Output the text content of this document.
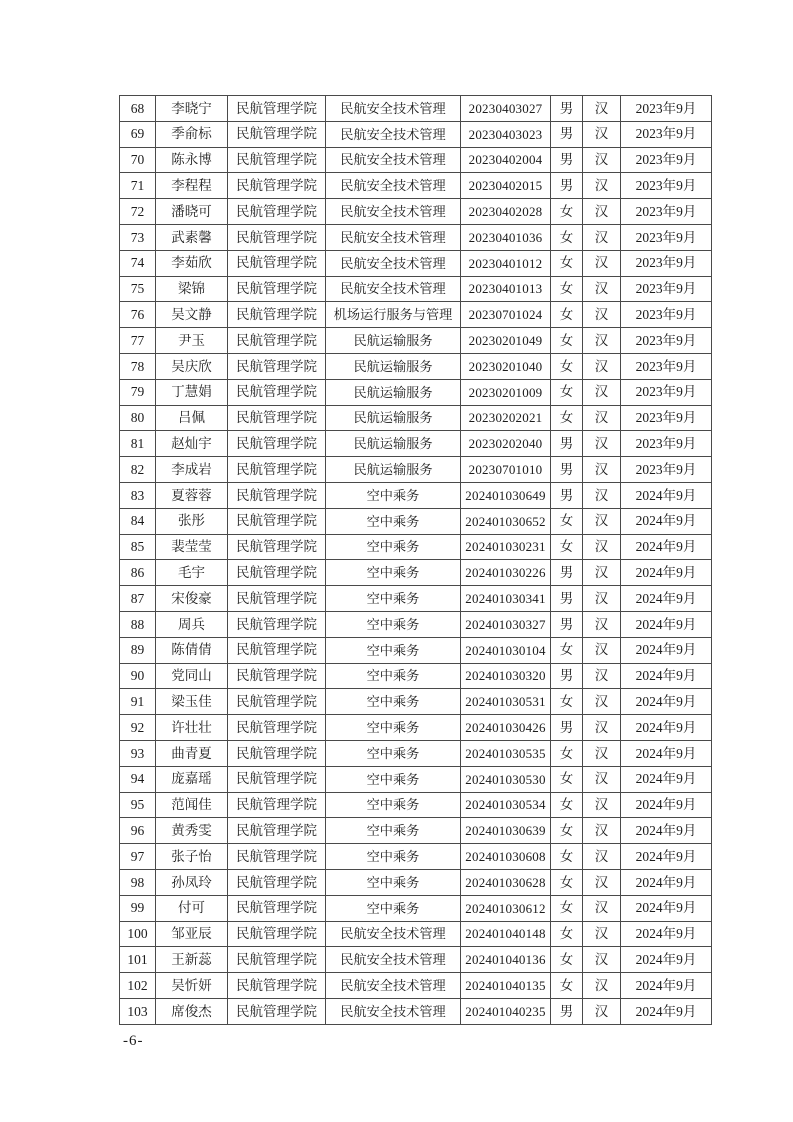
68	李晓宁	民航管理学院	民航安全技术管理	20230403027	男	汉	2023年9月
69	季俞标	民航管理学院	民航安全技术管理	20230403023	男	汉	2023年9月
70	陈永博	民航管理学院	民航安全技术管理	20230402004	男	汉	2023年9月
71	李程程	民航管理学院	民航安全技术管理	20230402015	男	汉	2023年9月
72	潘晓可	民航管理学院	民航安全技术管理	20230402028	女	汉	2023年9月
73	武素馨	民航管理学院	民航安全技术管理	20230401036	女	汉	2023年9月
74	李茹欣	民航管理学院	民航安全技术管理	20230401012	女	汉	2023年9月
75	梁锦	民航管理学院	民航安全技术管理	20230401013	女	汉	2023年9月
76	吴文静	民航管理学院	机场运行服务与管理	20230701024	女	汉	2023年9月
77	尹玉	民航管理学院	民航运输服务	20230201049	女	汉	2023年9月
78	吴庆欣	民航管理学院	民航运输服务	20230201040	女	汉	2023年9月
79	丁慧娟	民航管理学院	民航运输服务	20230201009	女	汉	2023年9月
80	吕佩	民航管理学院	民航运输服务	20230202021	女	汉	2023年9月
81	赵灿宇	民航管理学院	民航运输服务	20230202040	男	汉	2023年9月
82	李成岩	民航管理学院	民航运输服务	20230701010	男	汉	2023年9月
83	夏蓉蓉	民航管理学院	空中乘务	202401030649	男	汉	2024年9月
84	张彤	民航管理学院	空中乘务	202401030652	女	汉	2024年9月
85	裴莹莹	民航管理学院	空中乘务	202401030231	女	汉	2024年9月
86	毛宇	民航管理学院	空中乘务	202401030226	男	汉	2024年9月
87	宋俊豪	民航管理学院	空中乘务	202401030341	男	汉	2024年9月
88	周兵	民航管理学院	空中乘务	202401030327	男	汉	2024年9月
89	陈倩倩	民航管理学院	空中乘务	202401030104	女	汉	2024年9月
90	党同山	民航管理学院	空中乘务	202401030320	男	汉	2024年9月
91	梁玉佳	民航管理学院	空中乘务	202401030531	女	汉	2024年9月
92	许壮壮	民航管理学院	空中乘务	202401030426	男	汉	2024年9月
93	曲青夏	民航管理学院	空中乘务	202401030535	女	汉	2024年9月
94	庞嘉瑶	民航管理学院	空中乘务	202401030530	女	汉	2024年9月
95	范闻佳	民航管理学院	空中乘务	202401030534	女	汉	2024年9月
96	黄秀雯	民航管理学院	空中乘务	202401030639	女	汉	2024年9月
97	张子怡	民航管理学院	空中乘务	202401030608	女	汉	2024年9月
98	孙凤玲	民航管理学院	空中乘务	202401030628	女	汉	2024年9月
99	付可	民航管理学院	空中乘务	202401030612	女	汉	2024年9月
100	邹亚辰	民航管理学院	民航安全技术管理	202401040148	女	汉	2024年9月
101	王新蕊	民航管理学院	民航安全技术管理	202401040136	女	汉	2024年9月
102	吴忻妍	民航管理学院	民航安全技术管理	202401040135	女	汉	2024年9月
103	席俊杰	民航管理学院	民航安全技术管理	202401040235	男	汉	2024年9月
-6-
